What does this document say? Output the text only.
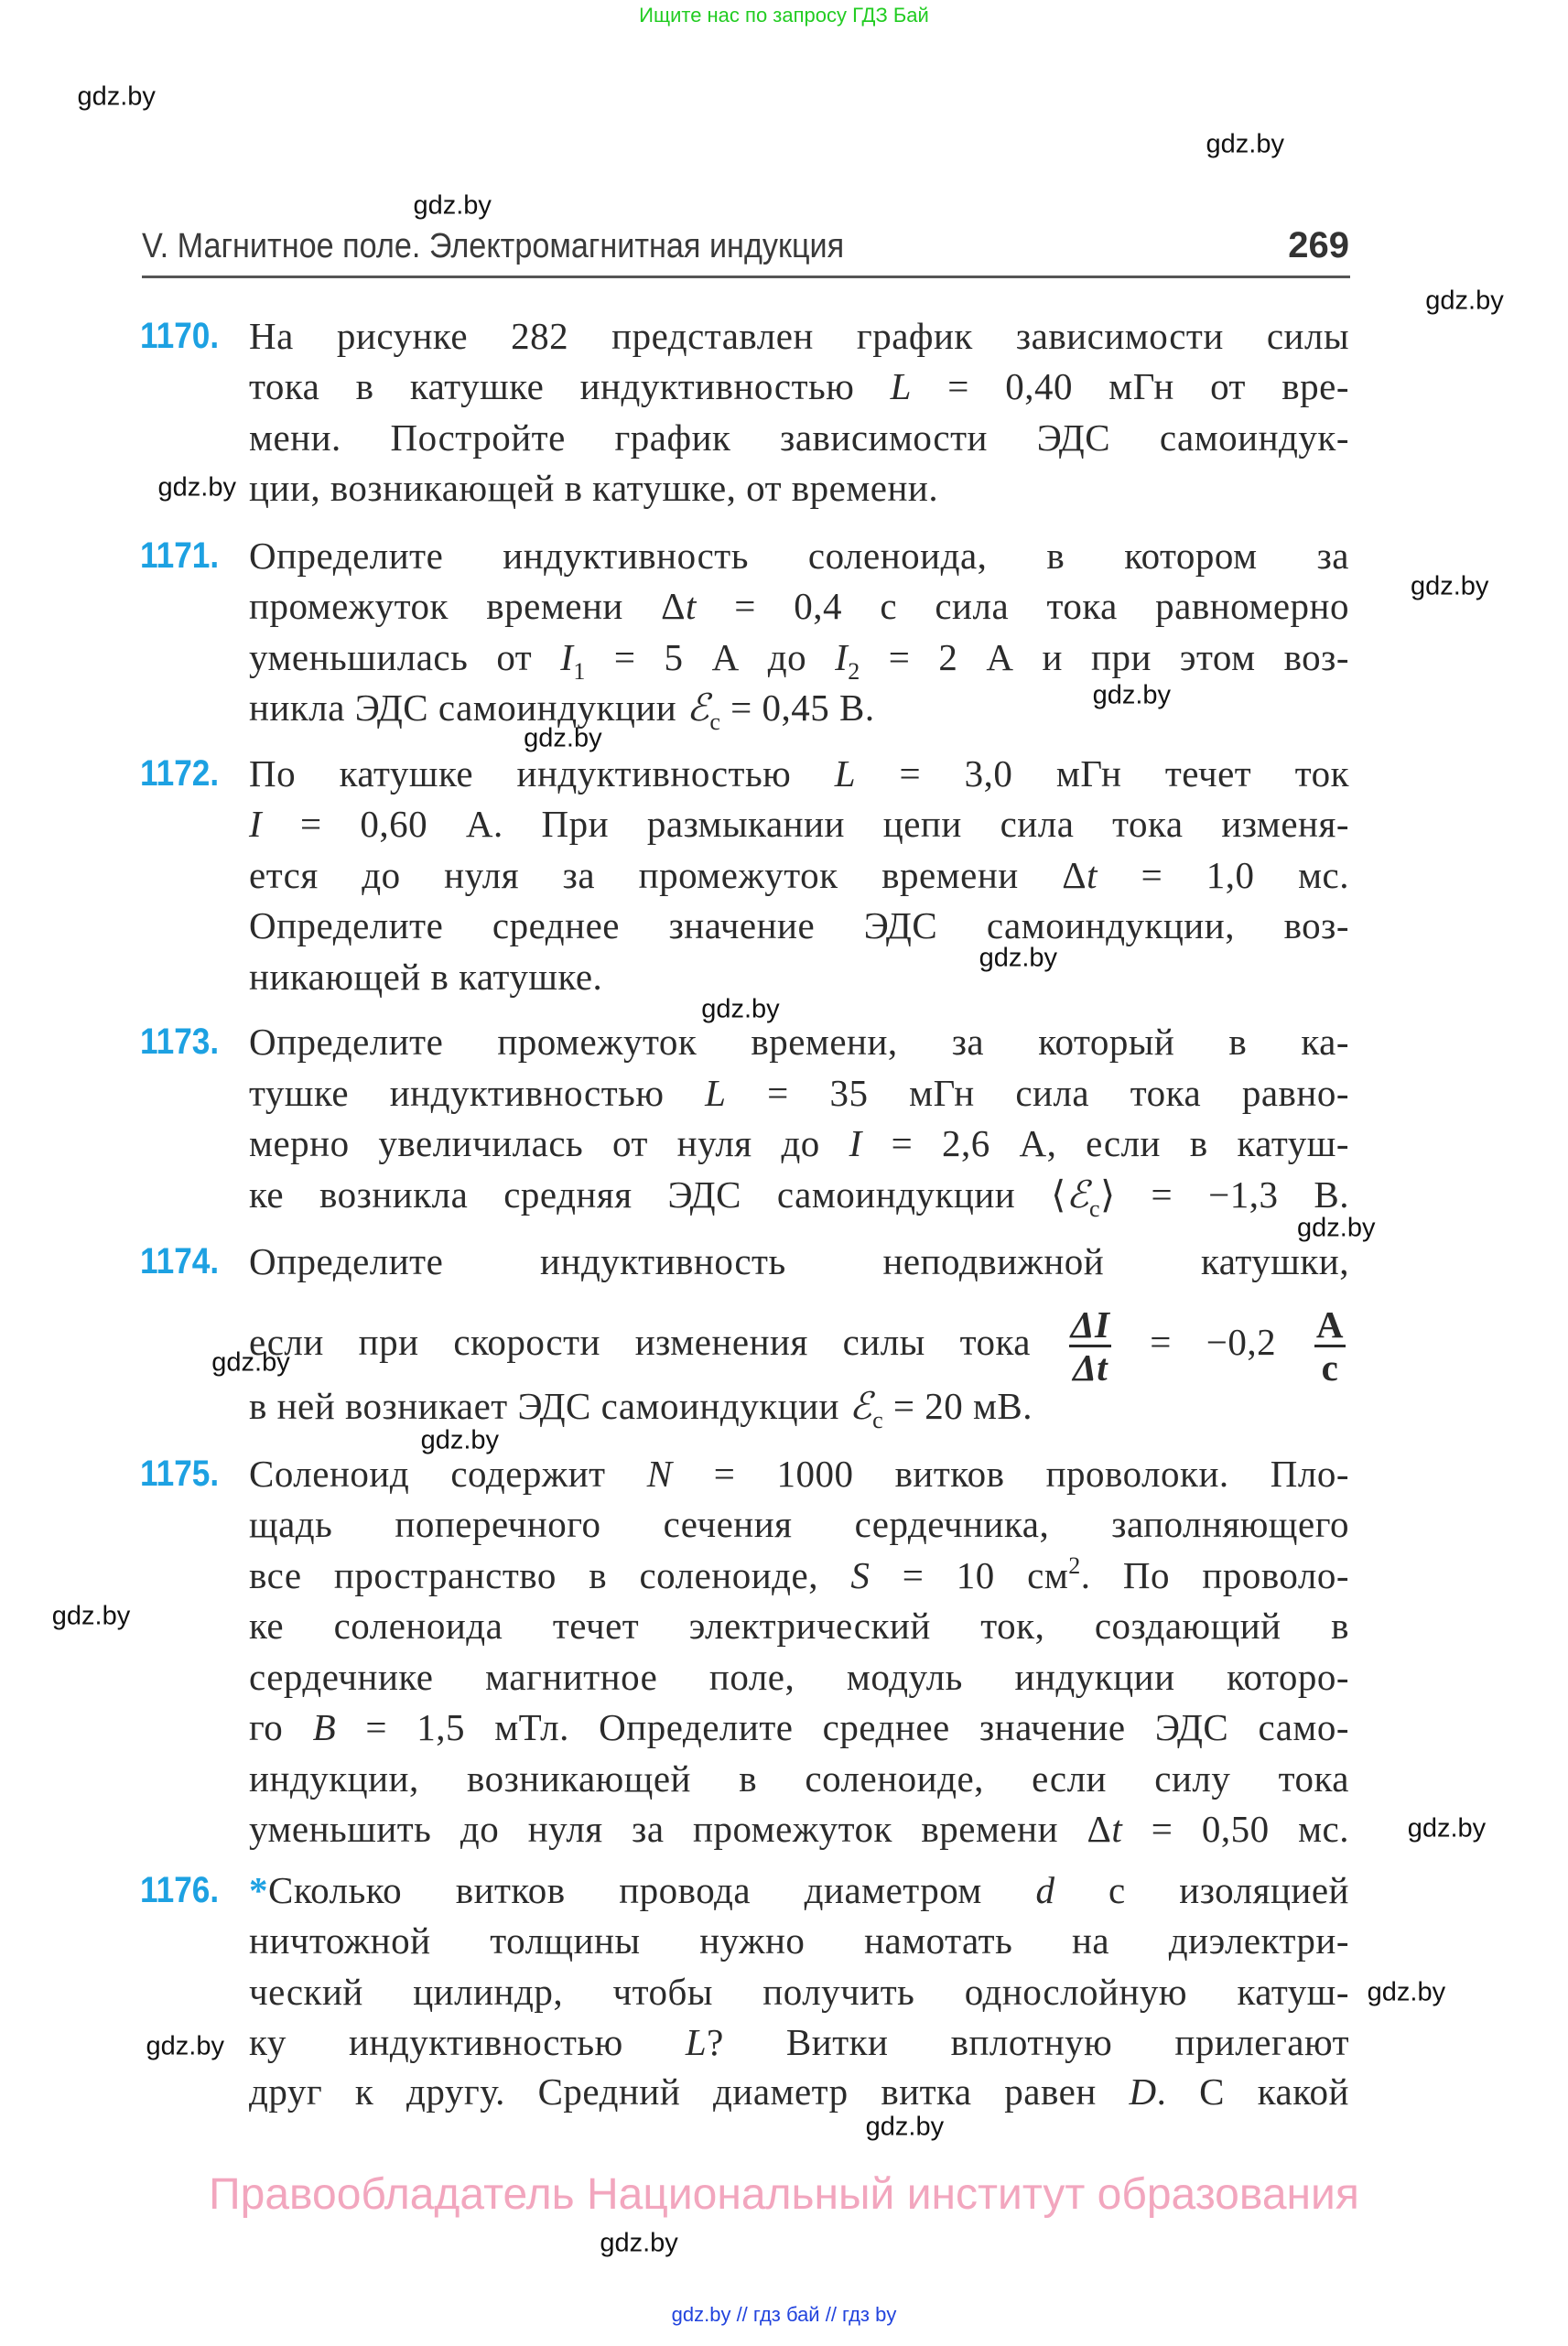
Ищите нас по запросу ГДЗ Бай
V. Магнитное поле. Электромагнитная индукция	269
1170. На рисунке 282 представлен график зависимости силы
тока в катушке индуктивностью L = 0,40 мГн от вре-
мени. Постройте график зависимости ЭДС самоиндук-
ции, возникающей в катушке, от времени.
1171. Определите индуктивность соленоида, в котором за
промежуток времени Δt = 0,4 с сила тока равномерно
уменьшилась от $I_1 = 5$ А до $I_2 = 2$ А и при этом воз-
никла ЭДС самоиндукции ℰ$_c$ = 0,45 В.
1172. По катушке индуктивностью L = 3,0 мГн течет ток
I = 0,60 А. При размыкании цепи сила тока изменя-
ется до нуля за промежуток времени Δt = 1,0 мс.
Определите среднее значение ЭДС самоиндукции, воз-
никающей в катушке.
1173. Определите промежуток времени, за который в ка-
тушке индуктивностью L = 35 мГн сила тока равно-
мерно увеличилась от нуля до I = 2,6 А, если в катуш-
ке возникла средняя ЭДС самоиндукции ⟨ℰ$_c$⟩ = −1,3 В.
1174. Определите индуктивность неподвижной катушки,
если при скорости изменения силы тока $\frac{\Delta I}{\Delta t} = -0,2 \frac{А}{с}$
в ней возникает ЭДС самоиндукции ℰ$_c$ = 20 мВ.
1175. Соленоид содержит N = 1000 витков проволоки. Пло-
щадь поперечного сечения сердечника, заполняющего
все пространство в соленоиде, S = 10 $см^2$. По проволо-
ке соленоида течет электрический ток, создающий в
сердечнике магнитное поле, модуль индукции которо-
го B = 1,5 мТл. Определите среднее значение ЭДС само-
индукции, возникающей в соленоиде, если силу тока
уменьшить до нуля за промежуток времени Δt = 0,50 мс.
1176. *Сколько витков провода диаметром d с изоляцией
ничтожной толщины нужно намотать на диэлектри-
ческий цилиндр, чтобы получить однослойную катуш-
ку индуктивностью L? Витки вплотную прилегают
друг к другу. Средний диаметр витка равен D. С какой
gdz.by
gdz.by
gdz.by
gdz.by
gdz.by
gdz.by
gdz.by
gdz.by
gdz.by
gdz.by
gdz.by
gdz.by
gdz.by
gdz.by
gdz.by
gdz.by
gdz.by
gdz.by
gdz.by
Правообладатель Национальный институт образования
gdz.by // гдз бай // гдз by
